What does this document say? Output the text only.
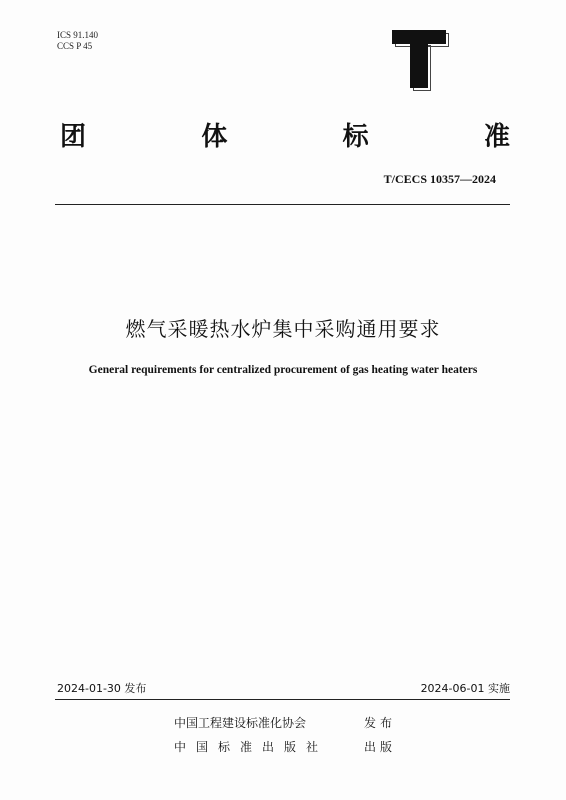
ICS 91.140
CCS P 45
团	体	标	准
T/CECS 10357—2024
燃气采暖热水炉集中采购通用要求
General requirements for centralized procurement of gas heating water heaters
2024-01-30 发布	2024-06-01 实施
中国工程建设标准化协会	发布
中国标准出版社	出版
